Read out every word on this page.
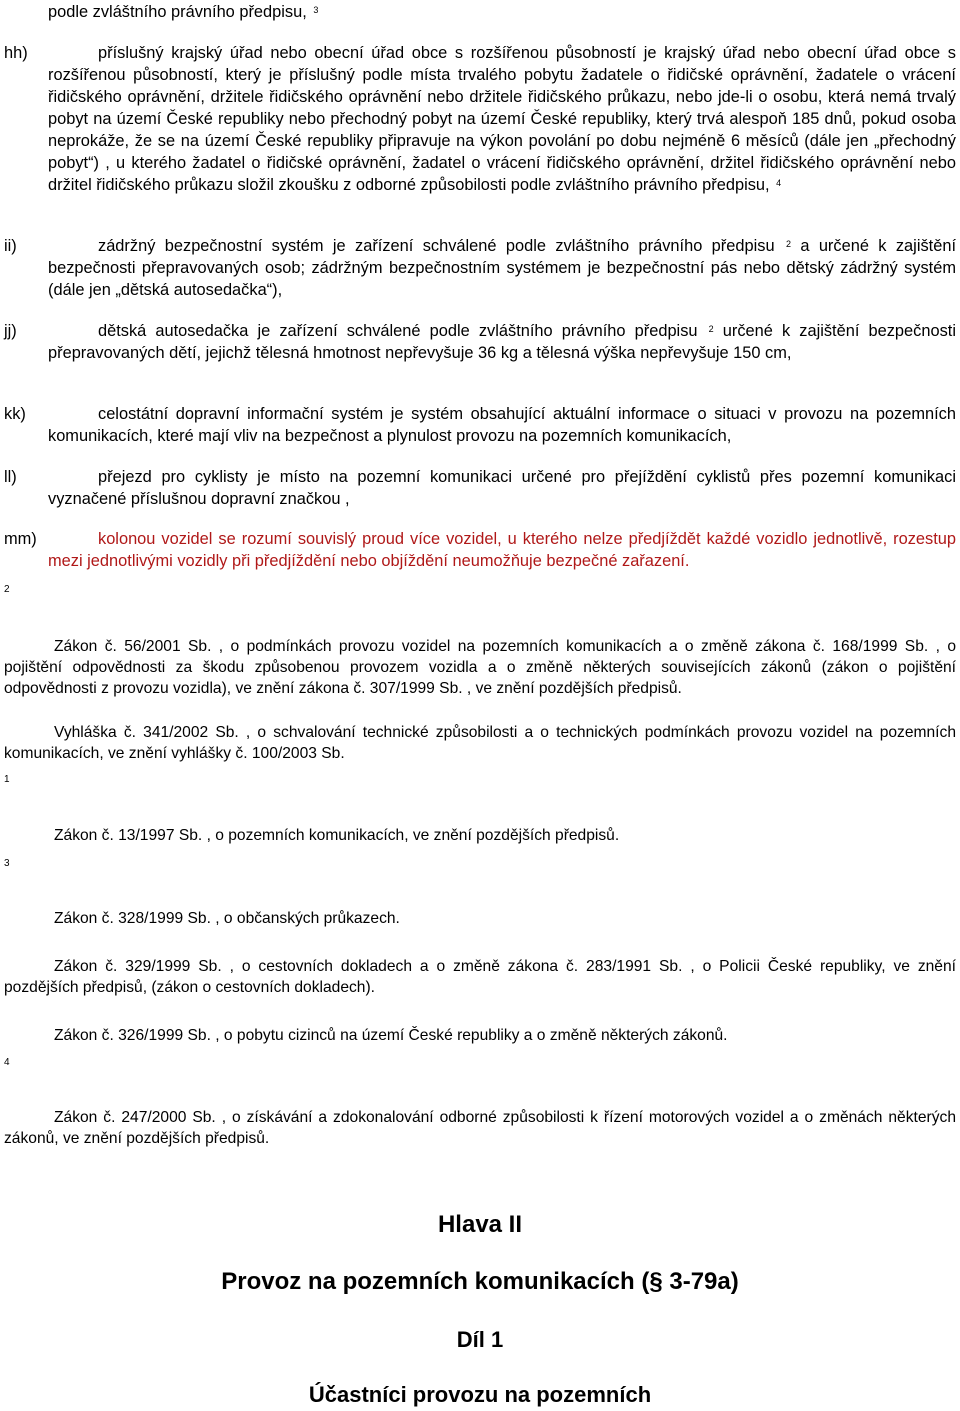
podle zvláštního právního předpisu, $^3$
hh)	příslušný krajský úřad nebo obecní úřad obce s rozšířenou působností je krajský úřad nebo obecní úřad obce s rozšířenou působností, který je příslušný podle místa trvalého pobytu žadatele o řidičské oprávnění, žadatele o vrácení řidičského oprávnění, držitele řidičského oprávnění nebo držitele řidičského průkazu, nebo jde-li o osobu, která nemá trvalý pobyt na území České republiky nebo přechodný pobyt na území České republiky, který trvá alespoň 185 dnů, pokud osoba neprokáže, že se na území České republiky připravuje na výkon povolání po dobu nejméně 6 měsíců (dále jen „přechodný pobyt“) , u kterého žadatel o řidičské oprávnění, žadatel o vrácení řidičského oprávnění, držitel řidičského oprávnění nebo držitel řidičského průkazu složil zkoušku z odborné způsobilosti podle zvláštního právního předpisu, $^4$
ii)	zádržný bezpečnostní systém je zařízení schválené podle zvláštního právního předpisu $^2$ a určené k zajištění bezpečnosti přepravovaných osob; zádržným bezpečnostním systémem je bezpečnostní pás nebo dětský zádržný systém (dále jen „dětská autosedačka“),
jj)	dětská autosedačka je zařízení schválené podle zvláštního právního předpisu $^2$ určené k zajištění bezpečnosti přepravovaných dětí, jejichž tělesná hmotnost nepřevyšuje 36 kg a tělesná výška nepřevyšuje 150 cm,
kk)	celostátní dopravní informační systém je systém obsahující aktuální informace o situaci v provozu na pozemních komunikacích, které mají vliv na bezpečnost a plynulost provozu na pozemních komunikacích,
ll)	přejezd pro cyklisty je místo na pozemní komunikaci určené pro přejíždění cyklistů přes pozemní komunikaci vyznačené příslušnou dopravní značkou ,
mm)	kolonou vozidel se rozumí souvislý proud více vozidel, u kterého nelze předjíždět každé vozidlo jednotlivě, rozestup mezi jednotlivými vozidly při předjíždění nebo objíždění neumožňuje bezpečné zařazení.
2
Zákon č. 56/2001 Sb. , o podmínkách provozu vozidel na pozemních komunikacích a o změně zákona č. 168/1999 Sb. , o pojištění odpovědnosti za škodu způsobenou provozem vozidla a o změně některých souvisejících zákonů (zákon o pojištění odpovědnosti z provozu vozidla), ve znění zákona č. 307/1999 Sb. , ve znění pozdějších předpisů.
Vyhláška č. 341/2002 Sb. , o schvalování technické způsobilosti a o technických podmínkách provozu vozidel na pozemních komunikacích, ve znění vyhlášky č. 100/2003 Sb.
1
Zákon č. 13/1997 Sb. , o pozemních komunikacích, ve znění pozdějších předpisů.
3
Zákon č. 328/1999 Sb. , o občanských průkazech.
Zákon č. 329/1999 Sb. , o cestovních dokladech a o změně zákona č. 283/1991 Sb. , o Policii České republiky, ve znění pozdějších předpisů, (zákon o cestovních dokladech).
Zákon č. 326/1999 Sb. , o pobytu cizinců na území České republiky a o změně některých zákonů.
4
Zákon č. 247/2000 Sb. , o získávání a zdokonalování odborné způsobilosti k řízení motorových vozidel a o změnách některých zákonů, ve znění pozdějších předpisů.
Hlava II
Provoz na pozemních komunikacích (§ 3-79a)
Díl 1
Účastníci provozu na pozemních
